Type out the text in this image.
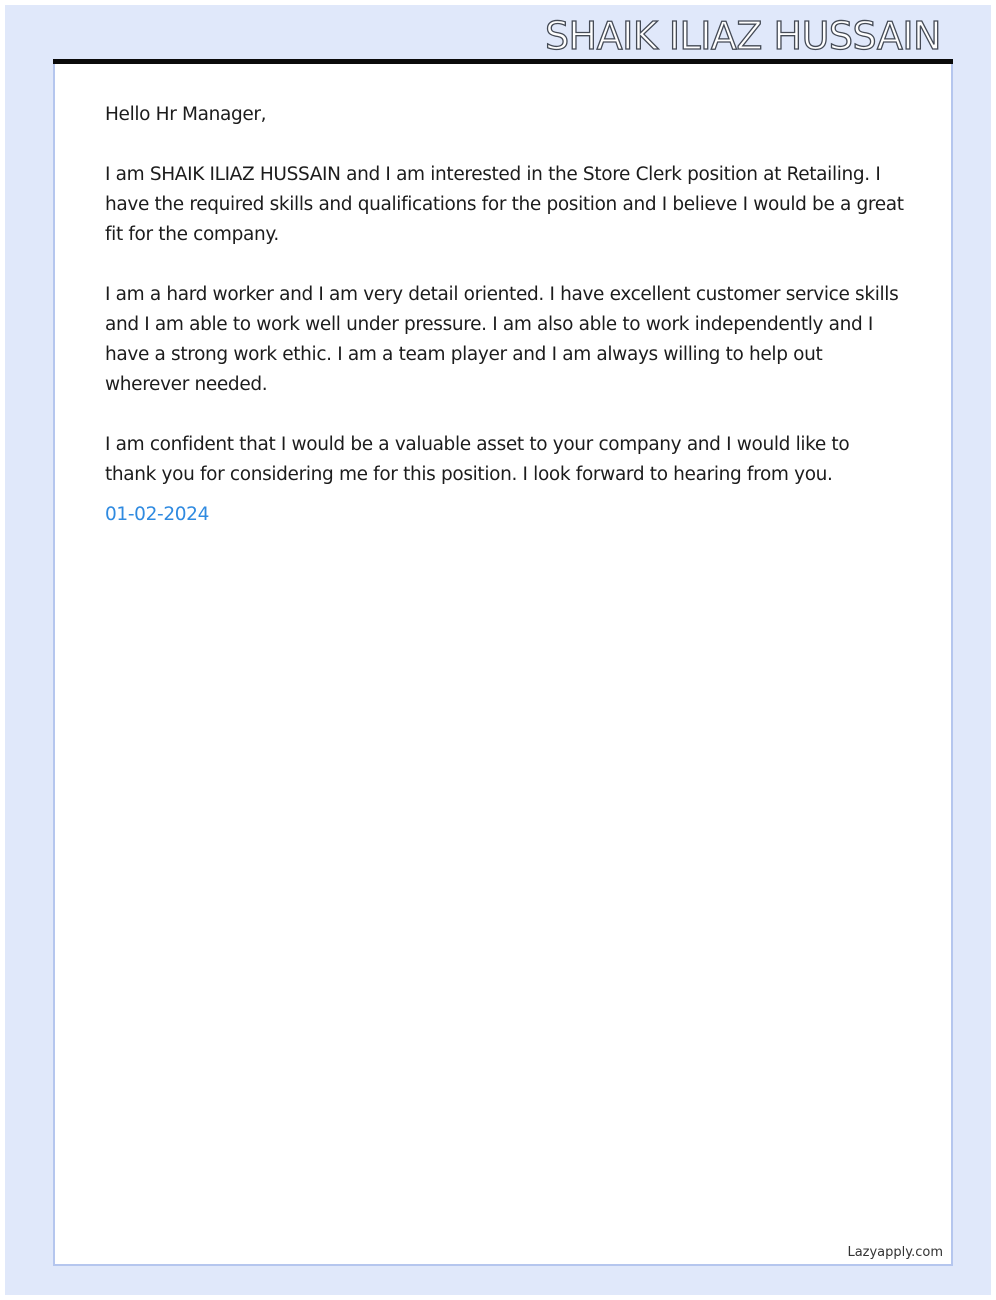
SHAIK ILIAZ HUSSAIN

Hello Hr Manager,

I am SHAIK ILIAZ HUSSAIN and I am interested in the Store Clerk position at Retailing. I have the required skills and qualifications for the position and I believe I would be a great fit for the company.

I am a hard worker and I am very detail oriented. I have excellent customer service skills and I am able to work well under pressure. I am also able to work independently and I have a strong work ethic. I am a team player and I am always willing to help out wherever needed.

I am confident that I would be a valuable asset to your company and I would like to thank you for considering me for this position. I look forward to hearing from you.

01-02-2024

Lazyapply.com
